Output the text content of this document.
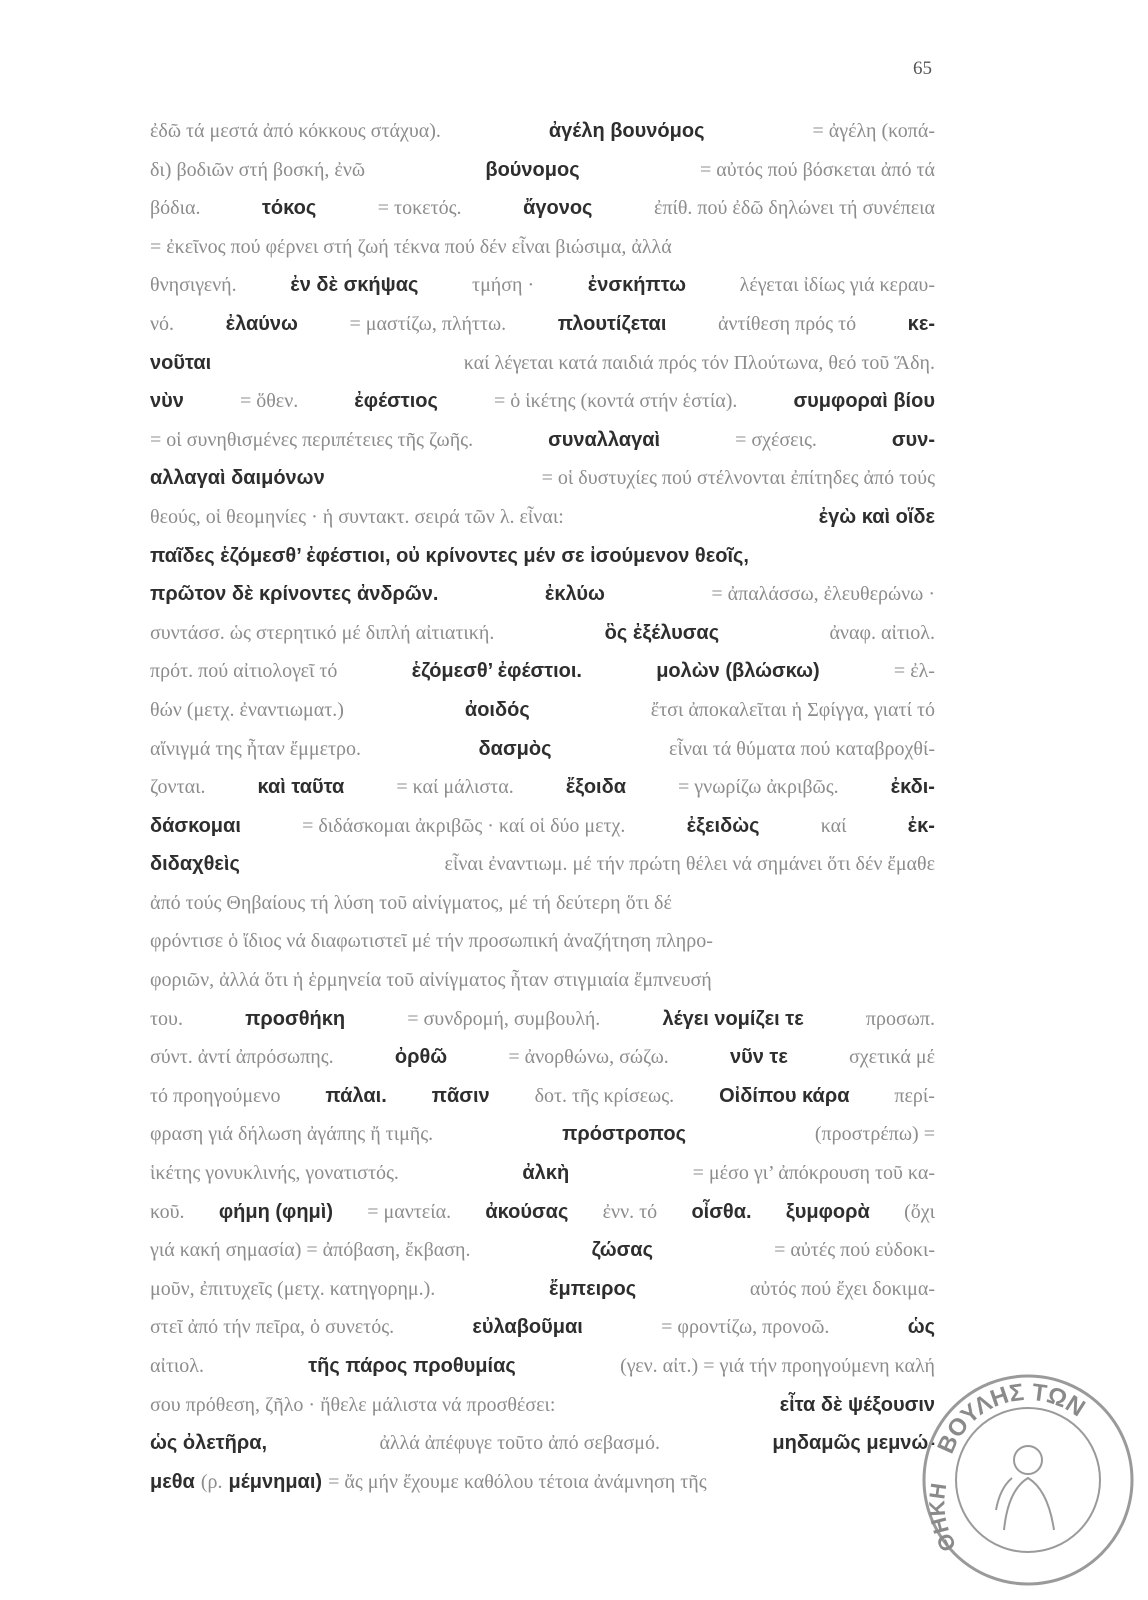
65
ἐδῶ τά μεστά ἀπό κόκκους στάχυα).	ἀγέλη βουνόμος	= ἀγέλη (κοπά-
δι) βοδιῶν στή βοσκή, ἐνῶ	βούνομος	= αὐτός πού βόσκεται ἀπό τά
βόδια.	τόκος	= τοκετός.	ἄγονος	ἐπίθ. πού ἐδῶ δηλώνει τή συνέπεια
= ἐκεῖνος πού φέρνει στή ζωή τέκνα πού δέν εἶναι βιώσιμα, ἀλλά
θνησιγενή.	ἐν δὲ σκήψας	τμήση ·	ἐνσκήπτω	λέγεται ἰδίως γιά κεραυ-
νό.	ἐλαύνω	= μαστίζω, πλήττω.	πλουτίζεται	ἀντίθεση πρός τό	κε-
νοῦται	καί λέγεται κατά παιδιά πρός τόν Πλούτωνα, θεό τοῦ Ἅδη.
νὺν	= ὅθεν.	ἐφέστιος	= ὁ ἱκέτης (κοντά στήν ἑστία).	συμφοραὶ βίου
= οἱ συνηθισμένες περιπέτειες τῆς ζωῆς.	συναλλαγαὶ	= σχέσεις.	συν-
αλλαγαὶ δαιμόνων	= οἱ δυστυχίες πού στέλνονται ἐπίτηδες ἀπό τούς
θεούς, οἱ θεομηνίες · ἡ συντακτ. σειρά τῶν λ. εἶναι:	ἐγὼ καὶ οἵδε
παῖδες ἑζόμεσθ’ ἐφέστιοι, οὐ κρίνοντες μέν σε ἰσούμενον θεοῖς,
πρῶτον δὲ κρίνοντες ἀνδρῶν.	ἐκλύω	= ἀπαλάσσω, ἐλευθερώνω ·
συντάσσ. ὡς στερητικό μέ διπλή αἰτιατική.	ὃς ἐξέλυσας	ἀναφ. αἰτιολ.
πρότ. πού αἰτιολογεῖ τό	ἑζόμεσθ’ ἐφέστιοι.	μολὼν (βλώσκω)	= ἐλ-
θών (μετχ. ἐναντιωματ.)	ἀοιδός	ἔτσι ἀποκαλεῖται ἡ Σφίγγα, γιατί τό
αἴνιγμά της ἦταν ἔμμετρο.	δασμὸς	εἶναι τά θύματα πού καταβροχθί-
ζονται.	καὶ ταῦτα	= καί μάλιστα.	ἔξοιδα	= γνωρίζω ἀκριβῶς.	ἐκδι-
δάσκομαι	= διδάσκομαι ἀκριβῶς · καί οἱ δύο μετχ.	ἐξειδὼς	καί	ἐκ-
διδαχθεὶς	εἶναι ἐναντιωμ. μέ τήν πρώτη θέλει νά σημάνει ὅτι δέν ἔμαθε
ἀπό τούς Θηβαίους τή λύση τοῦ αἰνίγματος, μέ τή δεύτερη ὅτι δέ
φρόντισε ὁ ἴδιος νά διαφωτιστεῖ μέ τήν προσωπική ἀναζήτηση πληρο-
φοριῶν, ἀλλά ὅτι ἡ ἑρμηνεία τοῦ αἰνίγματος ἦταν στιγμιαία ἔμπνευσή
του.	προσθήκη	= συνδρομή, συμβουλή.	λέγει νομίζει τε	προσωπ.
σύντ. ἀντί ἀπρόσωπης.	ὀρθῶ	= ἀνορθώνω, σώζω.	νῦν τε	σχετικά μέ
τό προηγούμενο πάλαι. πᾶσιν δοτ. τῆς κρίσεως. Οἰδίπου κάρα περί-
φραση γιά δήλωση ἀγάπης ἤ τιμῆς.	πρόστροπος	(προστρέπω) =
ἱκέτης γονυκλινής, γονατιστός.	ἀλκὴ	= μέσο γι’ ἀπόκρουση τοῦ κα-
κοῦ. φήμη (φημὶ) = μαντεία. ἀκούσας ἐνν. τό οἶσθα. ξυμφορὰ (ὄχι
γιά κακή σημασία) = ἀπόβαση, ἔκβαση.	ζώσας	= αὐτές πού εὐδοκι-
μοῦν, ἐπιτυχεῖς (μετχ. κατηγορημ.).	ἔμπειρος	αὐτός πού ἔχει δοκιμα-
στεῖ ἀπό τήν πεῖρα, ὁ συνετός.	εὐλαβοῦμαι	= φροντίζω, προνοῶ.	ὡς
αἰτιολ.	τῆς πάρος προθυμίας	(γεν. αἰτ.) = γιά τήν προηγούμενη καλή
σου πρόθεση, ζῆλο · ἤθελε μάλιστα νά προσθέσει:	εἶτα δὲ ψέξουσιν
ὡς ὀλετῆρα,	ἀλλά ἀπέφυγε τοῦτο ἀπό σεβασμό.	μηδαμῶς μεμνώ-
μεθα (ρ. μέμνημαι) = ἄς μήν ἔχουμε καθόλου τέτοια ἀνάμνηση τῆς
ΒΟΥΛΗΣ ΤΩΝ
ΘΗΚΗ
